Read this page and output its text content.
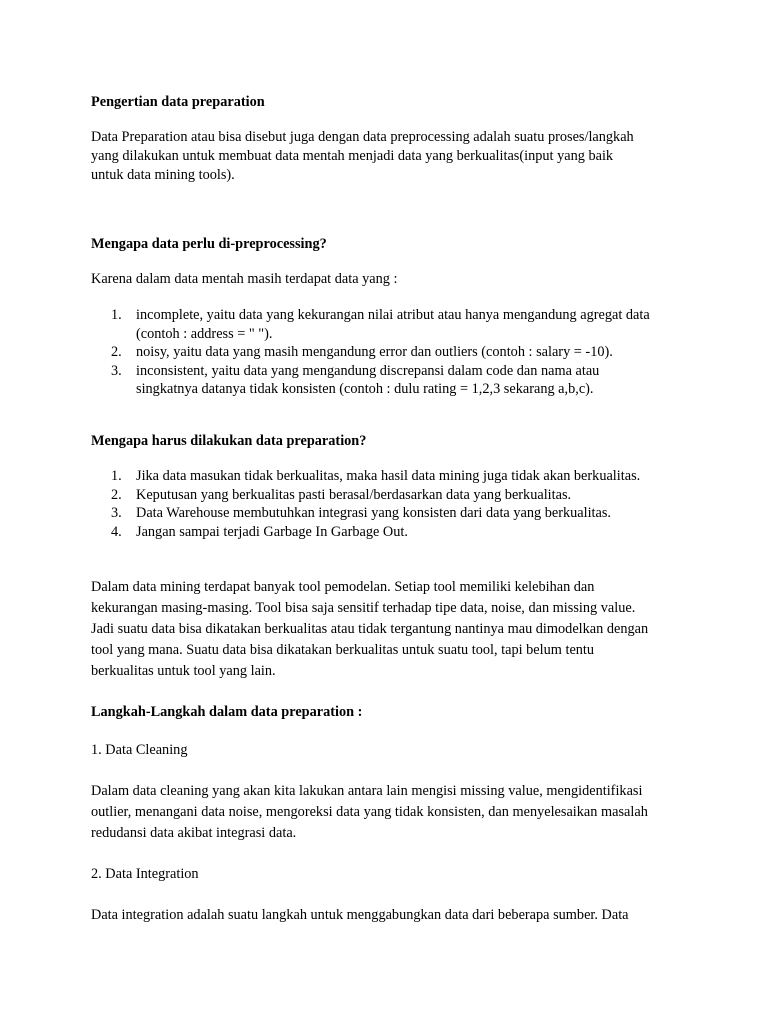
Pengertian data preparation
Data Preparation atau bisa disebut juga dengan data preprocessing adalah suatu proses/langkah
yang dilakukan untuk membuat data mentah menjadi data yang berkualitas(input yang baik
untuk data mining tools).
Mengapa data perlu di-preprocessing?
Karena dalam data mentah masih terdapat data yang :
1. incomplete, yaitu data yang kekurangan nilai atribut atau hanya mengandung agregat data
(contoh : address = " ").
2. noisy, yaitu data yang masih mengandung error dan outliers (contoh : salary = -10).
3. inconsistent, yaitu data yang mengandung discrepansi dalam code dan nama atau
singkatnya datanya tidak konsisten (contoh : dulu rating = 1,2,3 sekarang a,b,c).
Mengapa harus dilakukan data preparation?
1. Jika data masukan tidak berkualitas, maka hasil data mining juga tidak akan berkualitas.
2. Keputusan yang berkualitas pasti berasal/berdasarkan data yang berkualitas.
3. Data Warehouse membutuhkan integrasi yang konsisten dari data yang berkualitas.
4. Jangan sampai terjadi Garbage In Garbage Out.
Dalam data mining terdapat banyak tool pemodelan. Setiap tool memiliki kelebihan dan
kekurangan masing-masing. Tool bisa saja sensitif terhadap tipe data, noise, dan missing value.
Jadi suatu data bisa dikatakan berkualitas atau tidak tergantung nantinya mau dimodelkan dengan
tool yang mana. Suatu data bisa dikatakan berkualitas untuk suatu tool, tapi belum tentu
berkualitas untuk tool yang lain.
Langkah-Langkah dalam data preparation :
1. Data Cleaning
Dalam data cleaning yang akan kita lakukan antara lain mengisi missing value, mengidentifikasi
outlier, menangani data noise, mengoreksi data yang tidak konsisten, dan menyelesaikan masalah
redudansi data akibat integrasi data.
2. Data Integration
Data integration adalah suatu langkah untuk menggabungkan data dari beberapa sumber. Data
